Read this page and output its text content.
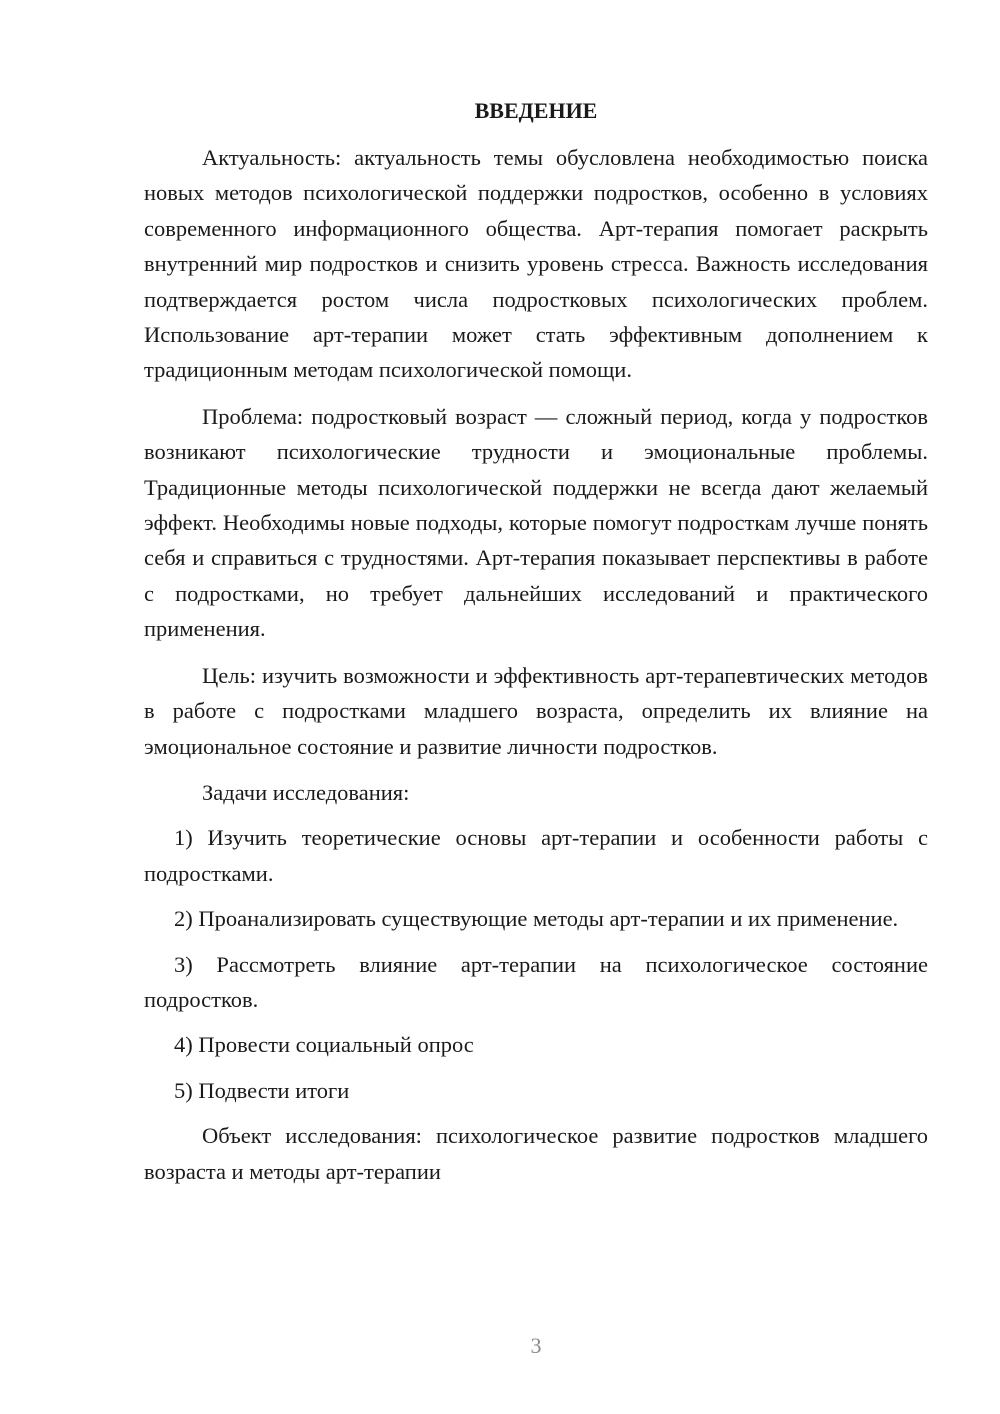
ВВЕДЕНИЕ

Актуальность: актуальность темы обусловлена необходимостью поиска новых методов психологической поддержки подростков, особенно в условиях современного информационного общества. Арт-терапия помогает раскрыть внутренний мир подростков и снизить уровень стресса. Важность исследования подтверждается ростом числа подростковых психологических проблем. Использование арт-терапии может стать эффективным дополнением к традиционным методам психологической помощи.

Проблема: подростковый возраст — сложный период, когда у подростков возникают психологические трудности и эмоциональные проблемы. Традиционные методы психологической поддержки не всегда дают желаемый эффект. Необходимы новые подходы, которые помогут подросткам лучше понять себя и справиться с трудностями. Арт-терапия показывает перспективы в работе с подростками, но требует дальнейших исследований и практического применения.

Цель: изучить возможности и эффективность арт-терапевтических методов в работе с подростками младшего возраста, определить их влияние на эмоциональное состояние и развитие личности подростков.

Задачи исследования:

1) Изучить теоретические основы арт-терапии и особенности работы с подростками.

2) Проанализировать существующие методы арт-терапии и их применение.

3) Рассмотреть влияние арт-терапии на психологическое состояние подростков.

4) Провести социальный опрос

5) Подвести итоги

Объект исследования: психологическое развитие подростков младшего возраста и методы арт-терапии

3
